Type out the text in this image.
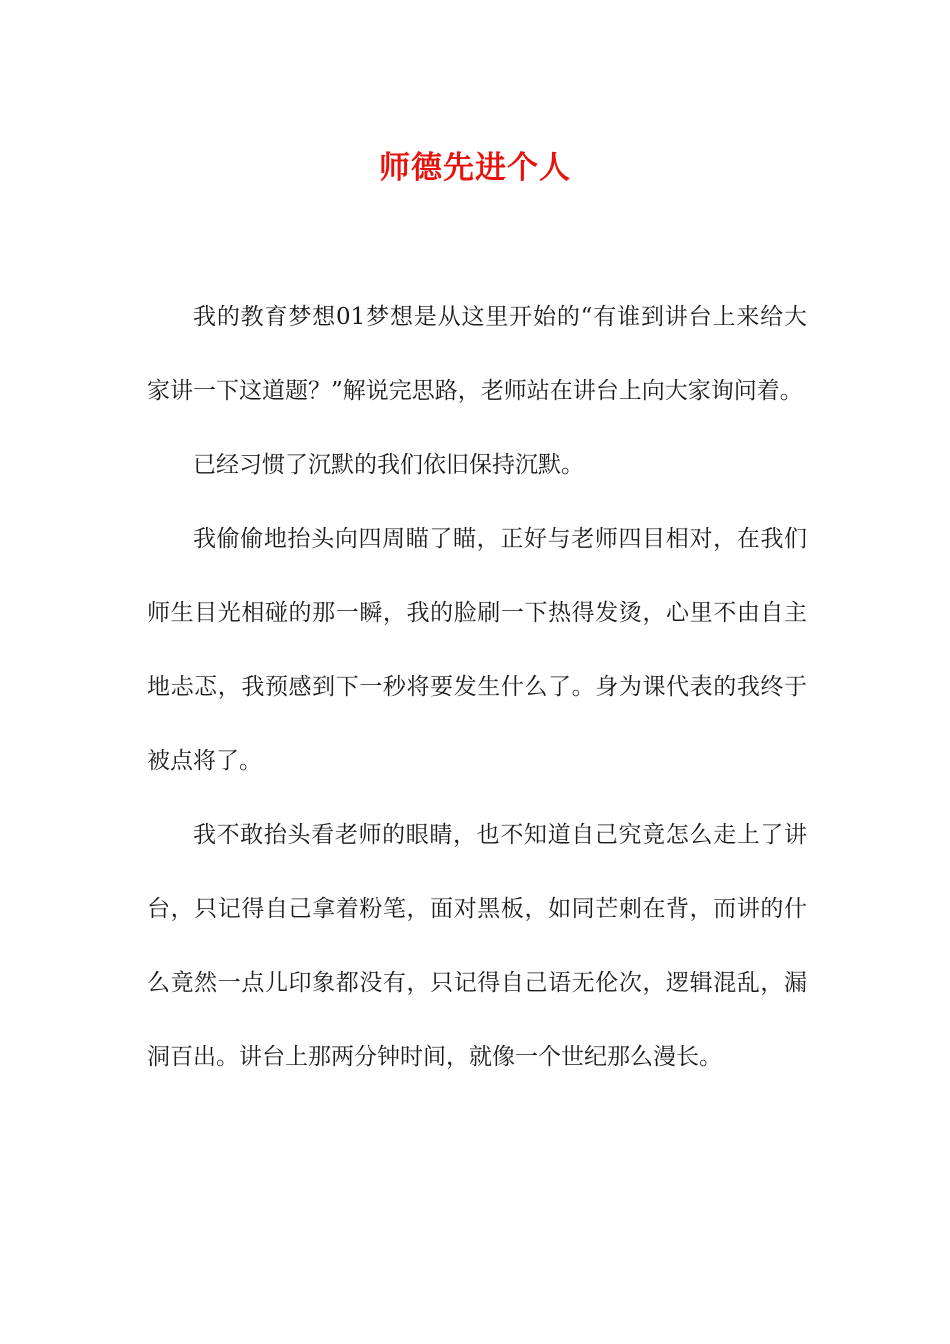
师德先进个人

我的教育梦想01梦想是从这里开始的“有谁到讲台上来给大家讲一下这道题？”解说完思路，老师站在讲台上向大家询问着。

已经习惯了沉默的我们依旧保持沉默。

我偷偷地抬头向四周瞄了瞄，正好与老师四目相对，在我们师生目光相碰的那一瞬，我的脸刷一下热得发烫，心里不由自主地忐忑，我预感到下一秒将要发生什么了。身为课代表的我终于被点将了。

我不敢抬头看老师的眼睛，也不知道自己究竟怎么走上了讲台，只记得自己拿着粉笔，面对黑板，如同芒刺在背，而讲的什么竟然一点儿印象都没有，只记得自己语无伦次，逻辑混乱，漏洞百出。讲台上那两分钟时间，就像一个世纪那么漫长。
